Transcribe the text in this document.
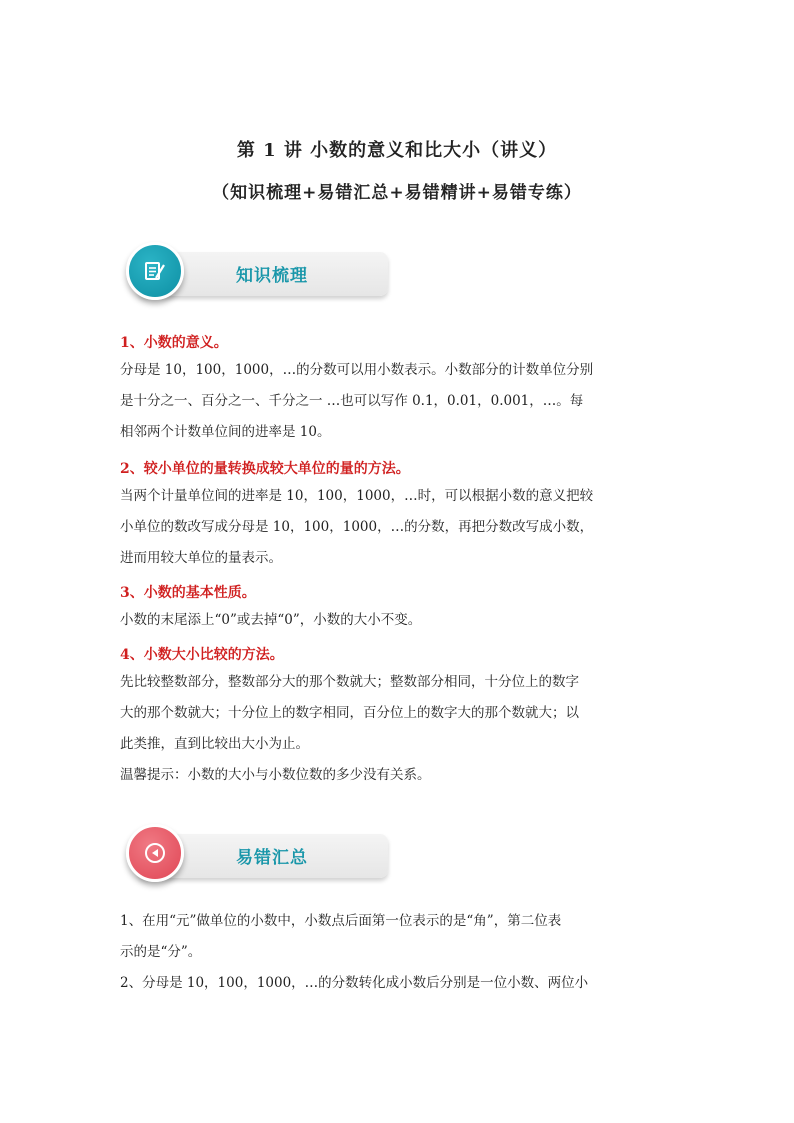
第 1 讲 小数的意义和比大小（讲义）
（知识梳理+易错汇总+易错精讲+易错专练）
知识梳理
1、小数的意义。
分母是 10，100，1000，…的分数可以用小数表示。小数部分的计数单位分别
是十分之一、百分之一、千分之一 …也可以写作 0.1，0.01，0.001，…。每
相邻两个计数单位间的进率是 10。
2、较小单位的量转换成较大单位的量的方法。
当两个计量单位间的进率是 10，100，1000，…时，可以根据小数的意义把较
小单位的数改写成分母是 10，100，1000，…的分数，再把分数改写成小数，
进而用较大单位的量表示。
3、小数的基本性质。
小数的末尾添上“0”或去掉“0”，小数的大小不变。
4、小数大小比较的方法。
先比较整数部分，整数部分大的那个数就大；整数部分相同，十分位上的数字
大的那个数就大；十分位上的数字相同，百分位上的数字大的那个数就大；以
此类推，直到比较出大小为止。
温馨提示：小数的大小与小数位数的多少没有关系。
易错汇总
1、在用“元”做单位的小数中，小数点后面第一位表示的是“角”，第二位表
示的是“分”。
2、分母是 10，100，1000，…的分数转化成小数后分别是一位小数、两位小
